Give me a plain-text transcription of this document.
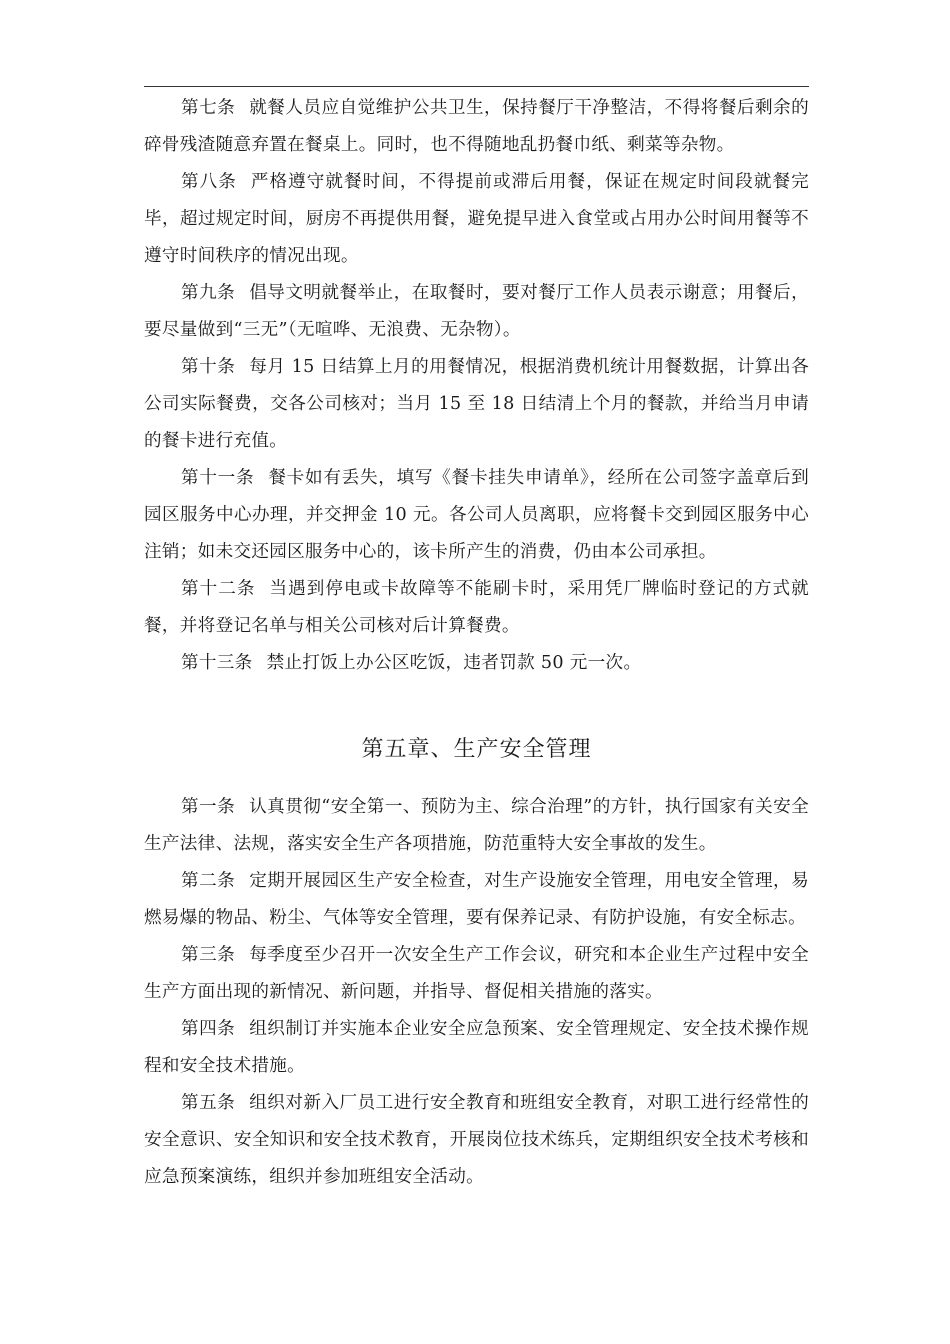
第七条 就餐人员应自觉维护公共卫生，保持餐厅干净整洁，不得将餐后剩余的碎骨残渣随意弃置在餐桌上。同时，也不得随地乱扔餐巾纸、剩菜等杂物。

第八条 严格遵守就餐时间，不得提前或滞后用餐，保证在规定时间段就餐完毕，超过规定时间，厨房不再提供用餐，避免提早进入食堂或占用办公时间用餐等不遵守时间秩序的情况出现。

第九条 倡导文明就餐举止，在取餐时，要对餐厅工作人员表示谢意；用餐后，要尽量做到“三无”（无喧哗、无浪费、无杂物）。

第十条 每月 15 日结算上月的用餐情况，根据消费机统计用餐数据，计算出各公司实际餐费，交各公司核对；当月 15 至 18 日结清上个月的餐款，并给当月申请的餐卡进行充值。

第十一条 餐卡如有丢失，填写《餐卡挂失申请单》，经所在公司签字盖章后到园区服务中心办理，并交押金 10 元。各公司人员离职，应将餐卡交到园区服务中心注销；如未交还园区服务中心的，该卡所产生的消费，仍由本公司承担。

第十二条 当遇到停电或卡故障等不能刷卡时，采用凭厂牌临时登记的方式就餐，并将登记名单与相关公司核对后计算餐费。

第十三条 禁止打饭上办公区吃饭，违者罚款 50 元一次。

第五章、生产安全管理

第一条 认真贯彻“安全第一、预防为主、综合治理”的方针，执行国家有关安全生产法律、法规，落实安全生产各项措施，防范重特大安全事故的发生。

第二条 定期开展园区生产安全检查，对生产设施安全管理，用电安全管理，易燃易爆的物品、粉尘、气体等安全管理，要有保养记录、有防护设施，有安全标志。

第三条 每季度至少召开一次安全生产工作会议，研究和本企业生产过程中安全生产方面出现的新情况、新问题，并指导、督促相关措施的落实。

第四条 组织制订并实施本企业安全应急预案、安全管理规定、安全技术操作规程和安全技术措施。

第五条 组织对新入厂员工进行安全教育和班组安全教育，对职工进行经常性的安全意识、安全知识和安全技术教育，开展岗位技术练兵，定期组织安全技术考核和应急预案演练，组织并参加班组安全活动。
